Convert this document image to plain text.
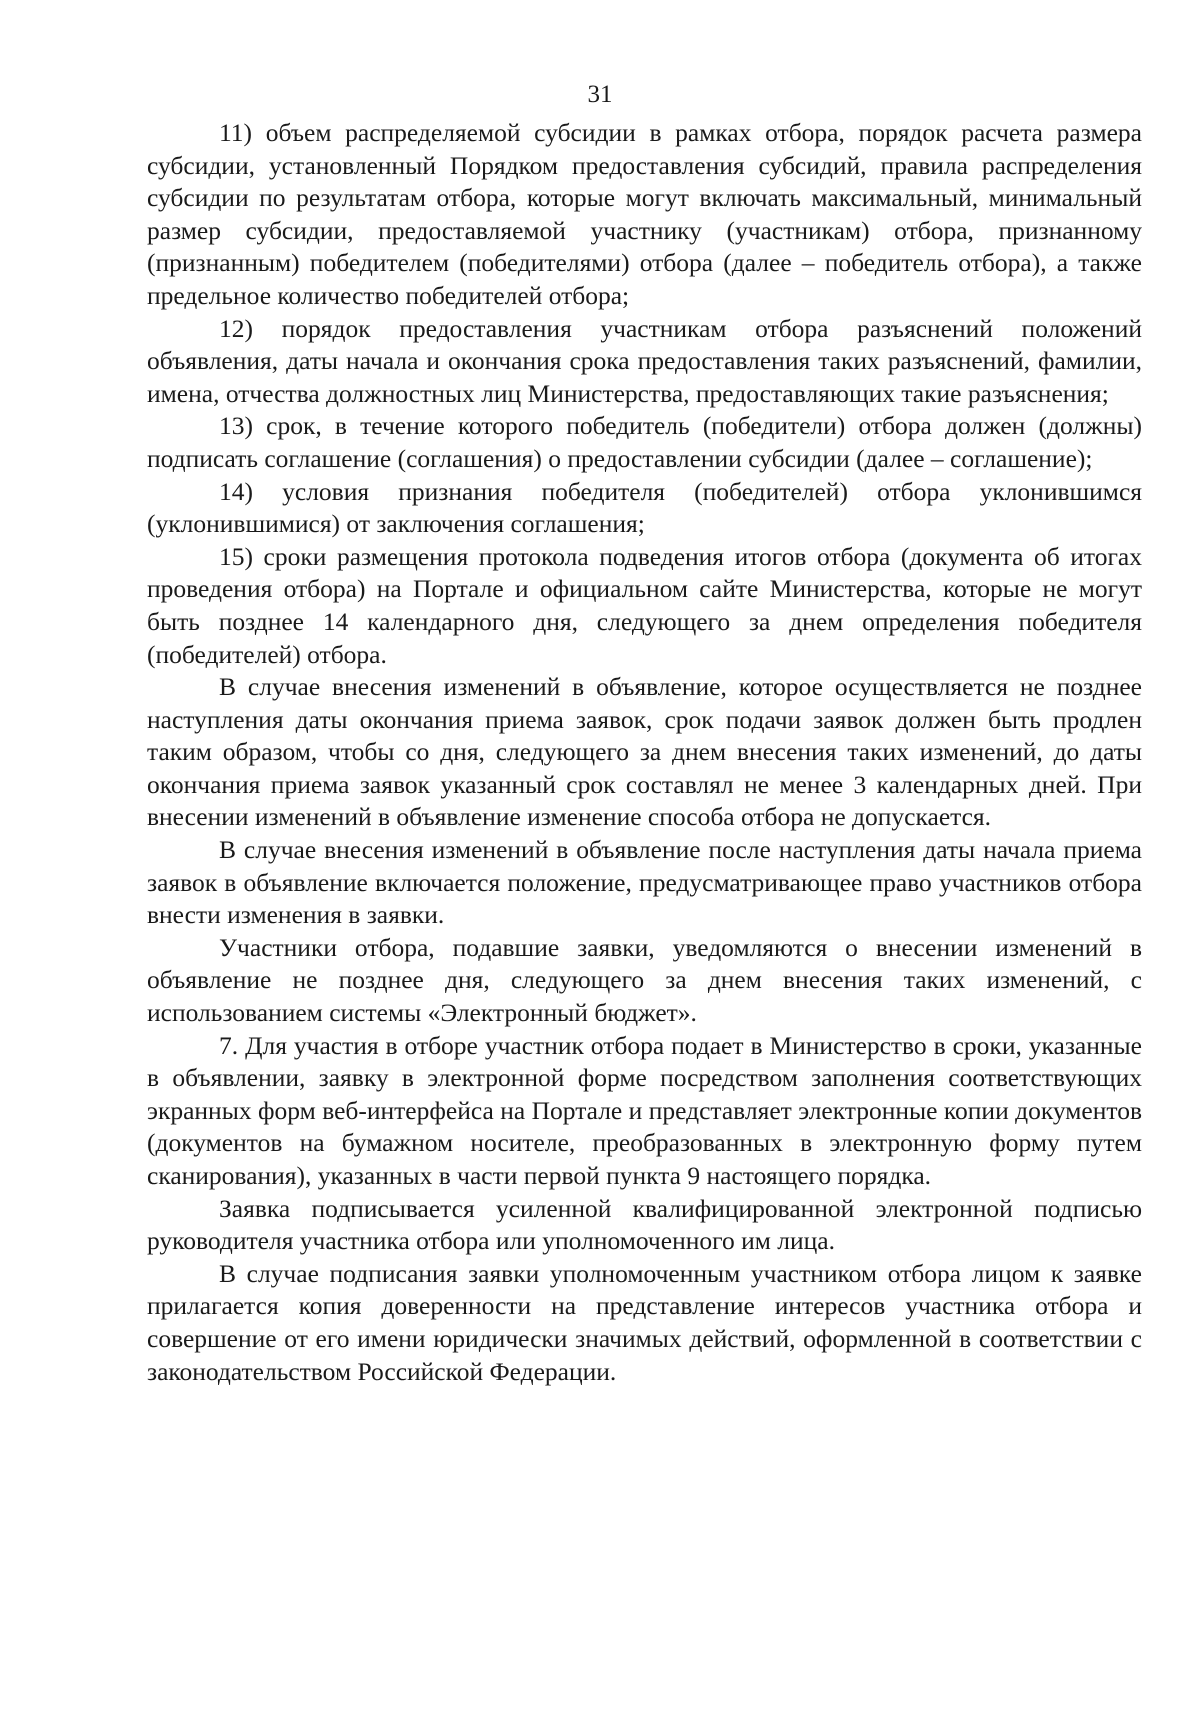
31

11) объем распределяемой субсидии в рамках отбора, порядок расчета размера субсидии, установленный Порядком предоставления субсидий, правила распределения субсидии по результатам отбора, которые могут включать максимальный, минимальный размер субсидии, предоставляемой участнику (участникам) отбора, признанному (признанным) победителем (победителями) отбора (далее – победитель отбора), а также предельное количество победителей отбора;

12) порядок предоставления участникам отбора разъяснений положений объявления, даты начала и окончания срока предоставления таких разъяснений, фамилии, имена, отчества должностных лиц Министерства, предоставляющих такие разъяснения;

13) срок, в течение которого победитель (победители) отбора должен (должны) подписать соглашение (соглашения) о предоставлении субсидии (далее – соглашение);

14) условия признания победителя (победителей) отбора уклонившимся (уклонившимися) от заключения соглашения;

15) сроки размещения протокола подведения итогов отбора (документа об итогах проведения отбора) на Портале и официальном сайте Министерства, которые не могут быть позднее 14 календарного дня, следующего за днем определения победителя (победителей) отбора.

В случае внесения изменений в объявление, которое осуществляется не позднее наступления даты окончания приема заявок, срок подачи заявок должен быть продлен таким образом, чтобы со дня, следующего за днем внесения таких изменений, до даты окончания приема заявок указанный срок составлял не менее 3 календарных дней. При внесении изменений в объявление изменение способа отбора не допускается.

В случае внесения изменений в объявление после наступления даты начала приема заявок в объявление включается положение, предусматривающее право участников отбора внести изменения в заявки.

Участники отбора, подавшие заявки, уведомляются о внесении изменений в объявление не позднее дня, следующего за днем внесения таких изменений, с использованием системы «Электронный бюджет».

7. Для участия в отборе участник отбора подает в Министерство в сроки, указанные в объявлении, заявку в электронной форме посредством заполнения соответствующих экранных форм веб-интерфейса на Портале и представляет электронные копии документов (документов на бумажном носителе, преобразованных в электронную форму путем сканирования), указанных в части первой пункта 9 настоящего порядка.

Заявка подписывается усиленной квалифицированной электронной подписью руководителя участника отбора или уполномоченного им лица.

В случае подписания заявки уполномоченным участником отбора лицом к заявке прилагается копия доверенности на представление интересов участника отбора и совершение от его имени юридически значимых действий, оформленной в соответствии с законодательством Российской Федерации.
